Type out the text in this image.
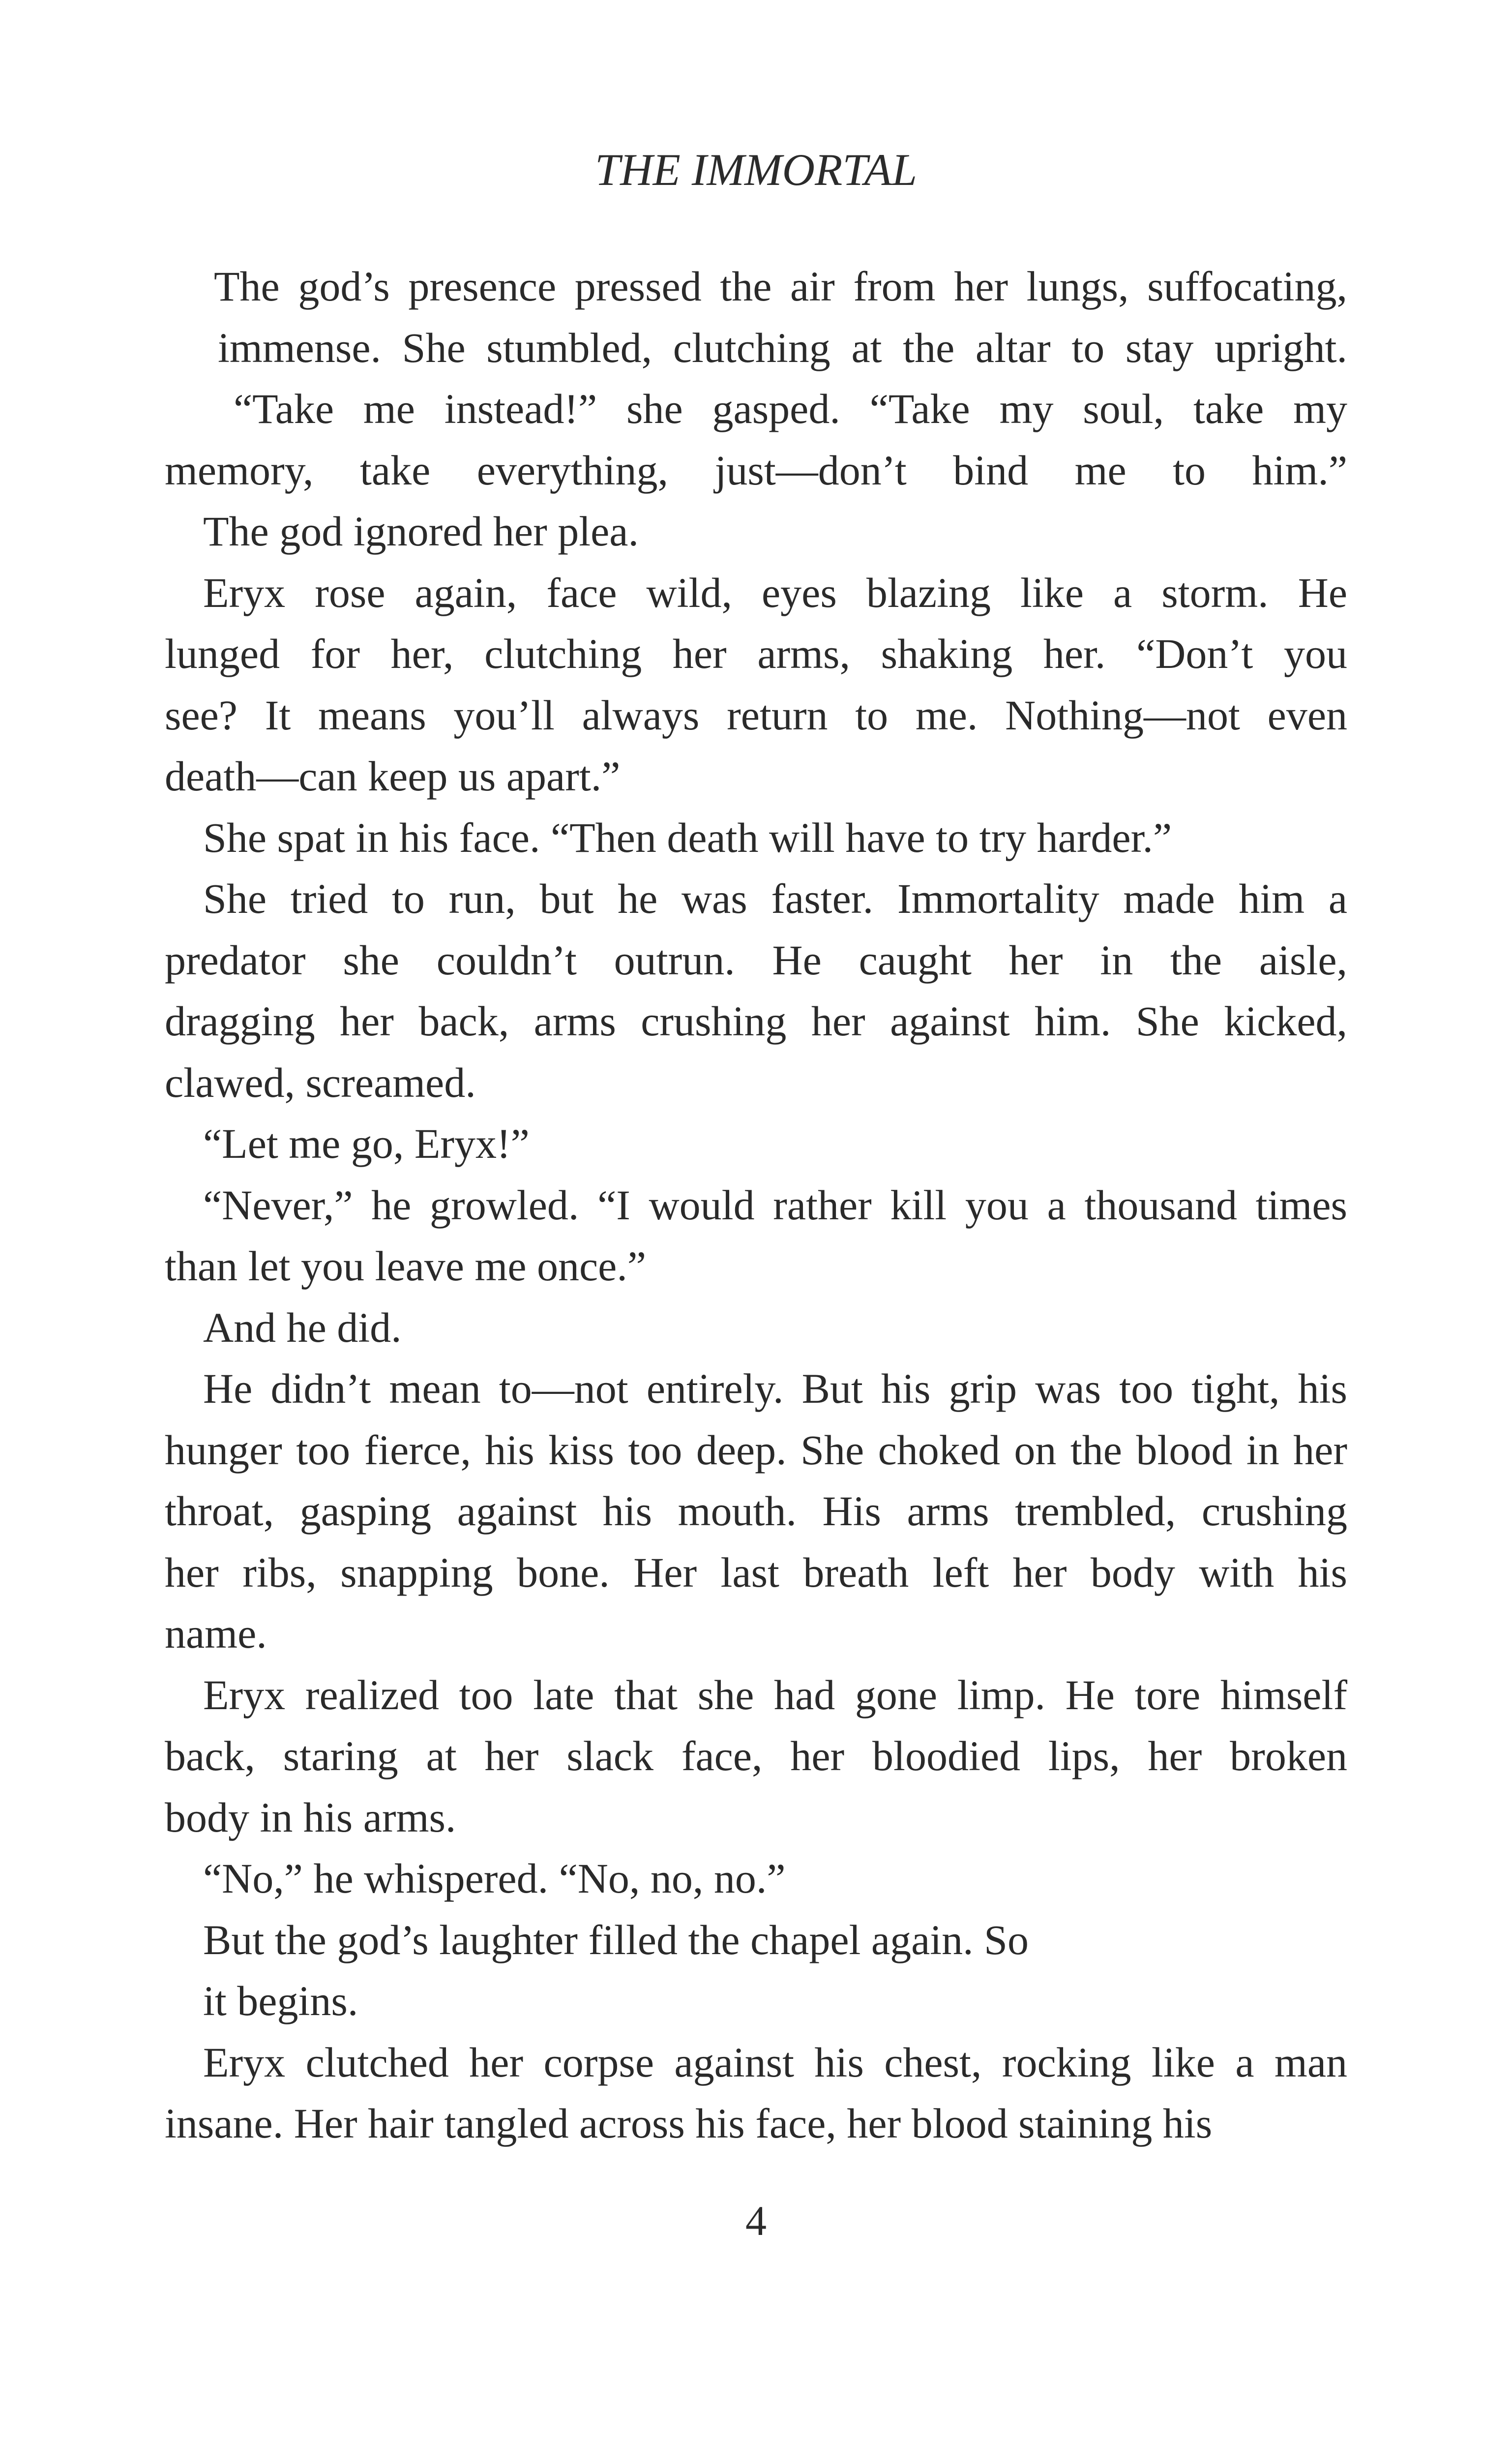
THE IMMORTAL
The god’s presence pressed the air from her lungs, suffocating,
immense. She stumbled, clutching at the altar to stay upright.
“Take me instead!” she gasped. “Take my soul, take my
memory, take everything, just—don’t bind me to him.”
The god ignored her plea.
Eryx rose again, face wild, eyes blazing like a storm. He
lunged for her, clutching her arms, shaking her. “Don’t you
see? It means you’ll always return to me. Nothing—not even
death—can keep us apart.”
She spat in his face. “Then death will have to try harder.”
She tried to run, but he was faster. Immortality made him a
predator she couldn’t outrun. He caught her in the aisle,
dragging her back, arms crushing her against him. She kicked,
clawed, screamed.
“Let me go, Eryx!”
“Never,” he growled. “I would rather kill you a thousand times
than let you leave me once.”
And he did.
He didn’t mean to—not entirely. But his grip was too tight, his
hunger too fierce, his kiss too deep. She choked on the blood in her
throat, gasping against his mouth. His arms trembled, crushing
her ribs, snapping bone. Her last breath left her body with his
name.
Eryx realized too late that she had gone limp. He tore himself
back, staring at her slack face, her bloodied lips, her broken
body in his arms.
“No,” he whispered. “No, no, no.”
But the god’s laughter filled the chapel again. So
it begins.
Eryx clutched her corpse against his chest, rocking like a man
insane. Her hair tangled across his face, her blood staining his
4
